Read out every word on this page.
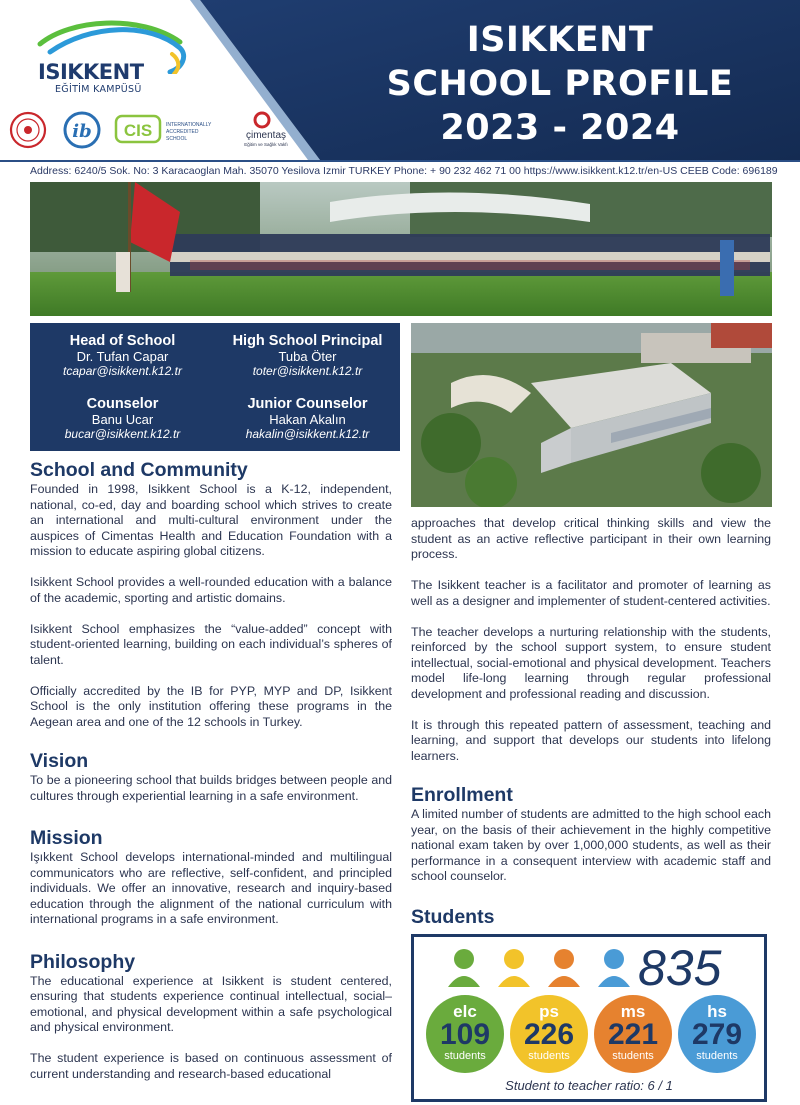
ISIKKENT
EĞİTİM KAMPÜSÜ
ib CIS	INTERNATIONALLY
ACCREDITED
SCHOOL	çimentaş
Eğitim ve Sağlık Vakfı
ISIKKENT
SCHOOL PROFILE
2023 - 2024
Address: 6240/5 Sok. No: 3 Karacaoglan Mah. 35070 Yesilova Izmir TURKEY Phone: + 90 232 462 71 00 https://www.isikkent.k12.tr/en-US CEEB Code: 696189
Head of School
Dr. Tufan Capar
tcapar@isikkent.k12.tr
High School Principal
Tuba Öter
toter@isikkent.k12.tr
Counselor
Banu Ucar
bucar@isikkent.k12.tr
Junior Counselor
Hakan Akalın
hakalin@isikkent.k12.tr
School and Community

Founded in 1998, Isikkent School is a K-12, independent, national, co-ed, day and boarding school which strives to create an international and multi-cultural environment under the auspices of Cimentas Health and Education Foundation with a mission to educate aspiring global citizens.

Isikkent School provides a well-rounded education with a balance of the academic, sporting and artistic domains.

Isikkent School emphasizes the “value-added” concept with student-oriented learning, building on each individual’s spheres of talent.

Officially accredited by the IB for PYP, MYP and DP, Isikkent School is the only institution offering these programs in the Aegean area and one of the 12 schools in Turkey.

Vision

To be a pioneering school that builds bridges between people and cultures through experiential learning in a safe environment.

Mission

Işıkkent School develops international-minded and multilingual communicators who are reflective, self-confident, and principled individuals. We offer an innovative, research and inquiry-based education through the alignment of the national curriculum with international programs in a safe environment.

Philosophy

The educational experience at Isikkent is student centered, ensuring that students experience continual intellectual, social–emotional, and physical development within a safe psychological and physical environment.

The student experience is based on continuous assessment of current understanding and research-based educational

approaches that develop critical thinking skills and view the student as an active reflective participant in their own learning process.

The Isikkent teacher is a facilitator and promoter of learning as well as a designer and implementer of student-centered activities.

The teacher develops a nurturing relationship with the students, reinforced by the school support system, to ensure student intellectual, social-emotional and physical development. Teachers model life-long learning through regular professional development and professional reading and discussion.

It is through this repeated pattern of assessment, teaching and learning, and support that develops our students into lifelong learners.

Enrollment

A limited number of students are admitted to the high school each year, on the basis of their achievement in the highly competitive national exam taken by over 1,000,000 students, as well as their performance in a consequent interview with academic staff and school counselor.

Students
835
elc
109
students
ps
226
students
ms
221
students
hs
279
students
Student to teacher ratio: 6 / 1
